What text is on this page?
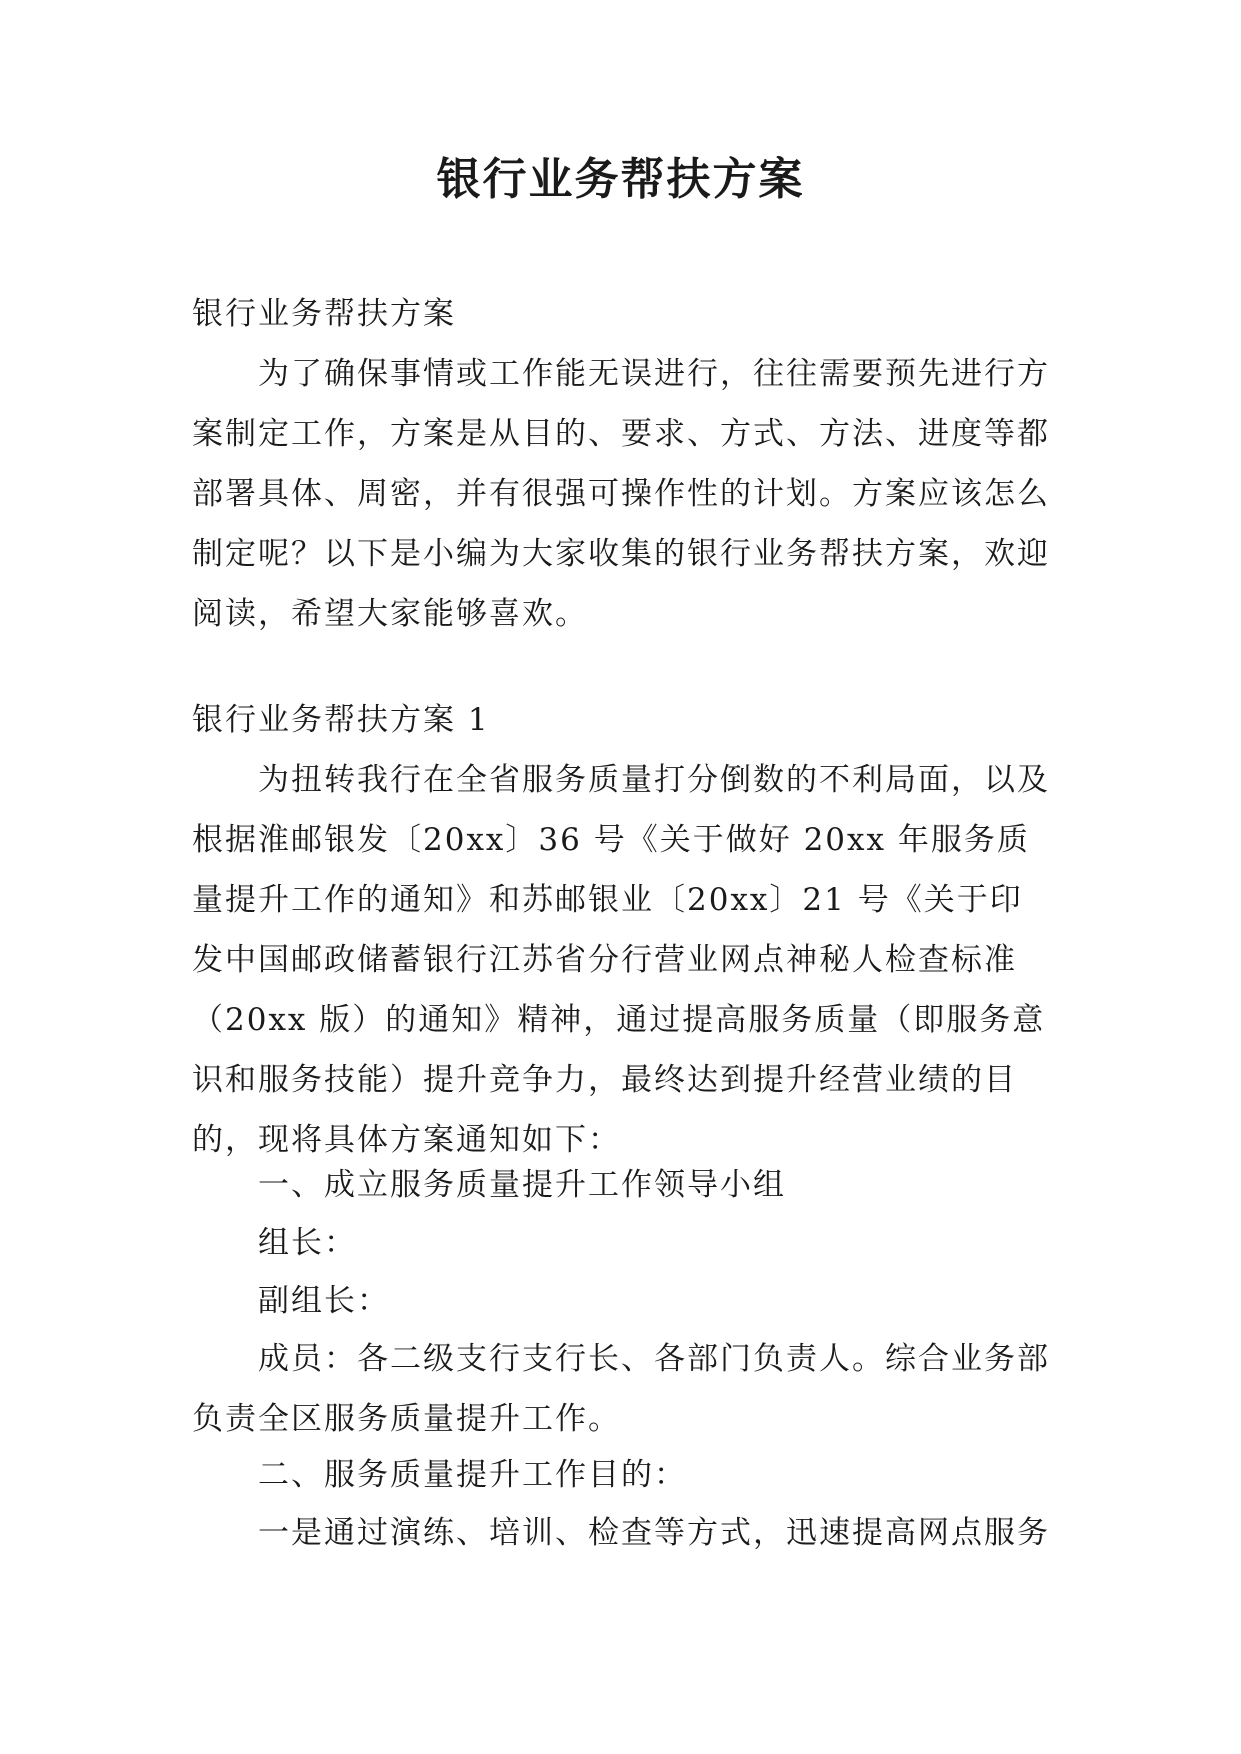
银行业务帮扶方案

银行业务帮扶方案

为了确保事情或工作能无误进行，往往需要预先进行方案制定工作，方案是从目的、要求、方式、方法、进度等都部署具体、周密，并有很强可操作性的计划。方案应该怎么制定呢？以下是小编为大家收集的银行业务帮扶方案，欢迎阅读，希望大家能够喜欢。

银行业务帮扶方案 1

为扭转我行在全省服务质量打分倒数的不利局面，以及根据淮邮银发〔20xx〕36 号《关于做好 20xx 年服务质量提升工作的通知》和苏邮银业〔20xx〕21 号《关于印发中国邮政储蓄银行江苏省分行营业网点神秘人检查标准（20xx 版）的通知》精神，通过提高服务质量（即服务意识和服务技能）提升竞争力，最终达到提升经营业绩的目的，现将具体方案通知如下：

一、成立服务质量提升工作领导小组

组长：

副组长：

成员：各二级支行支行长、各部门负责人。综合业务部负责全区服务质量提升工作。

二、服务质量提升工作目的：

一是通过演练、培训、检查等方式，迅速提高网点服务
